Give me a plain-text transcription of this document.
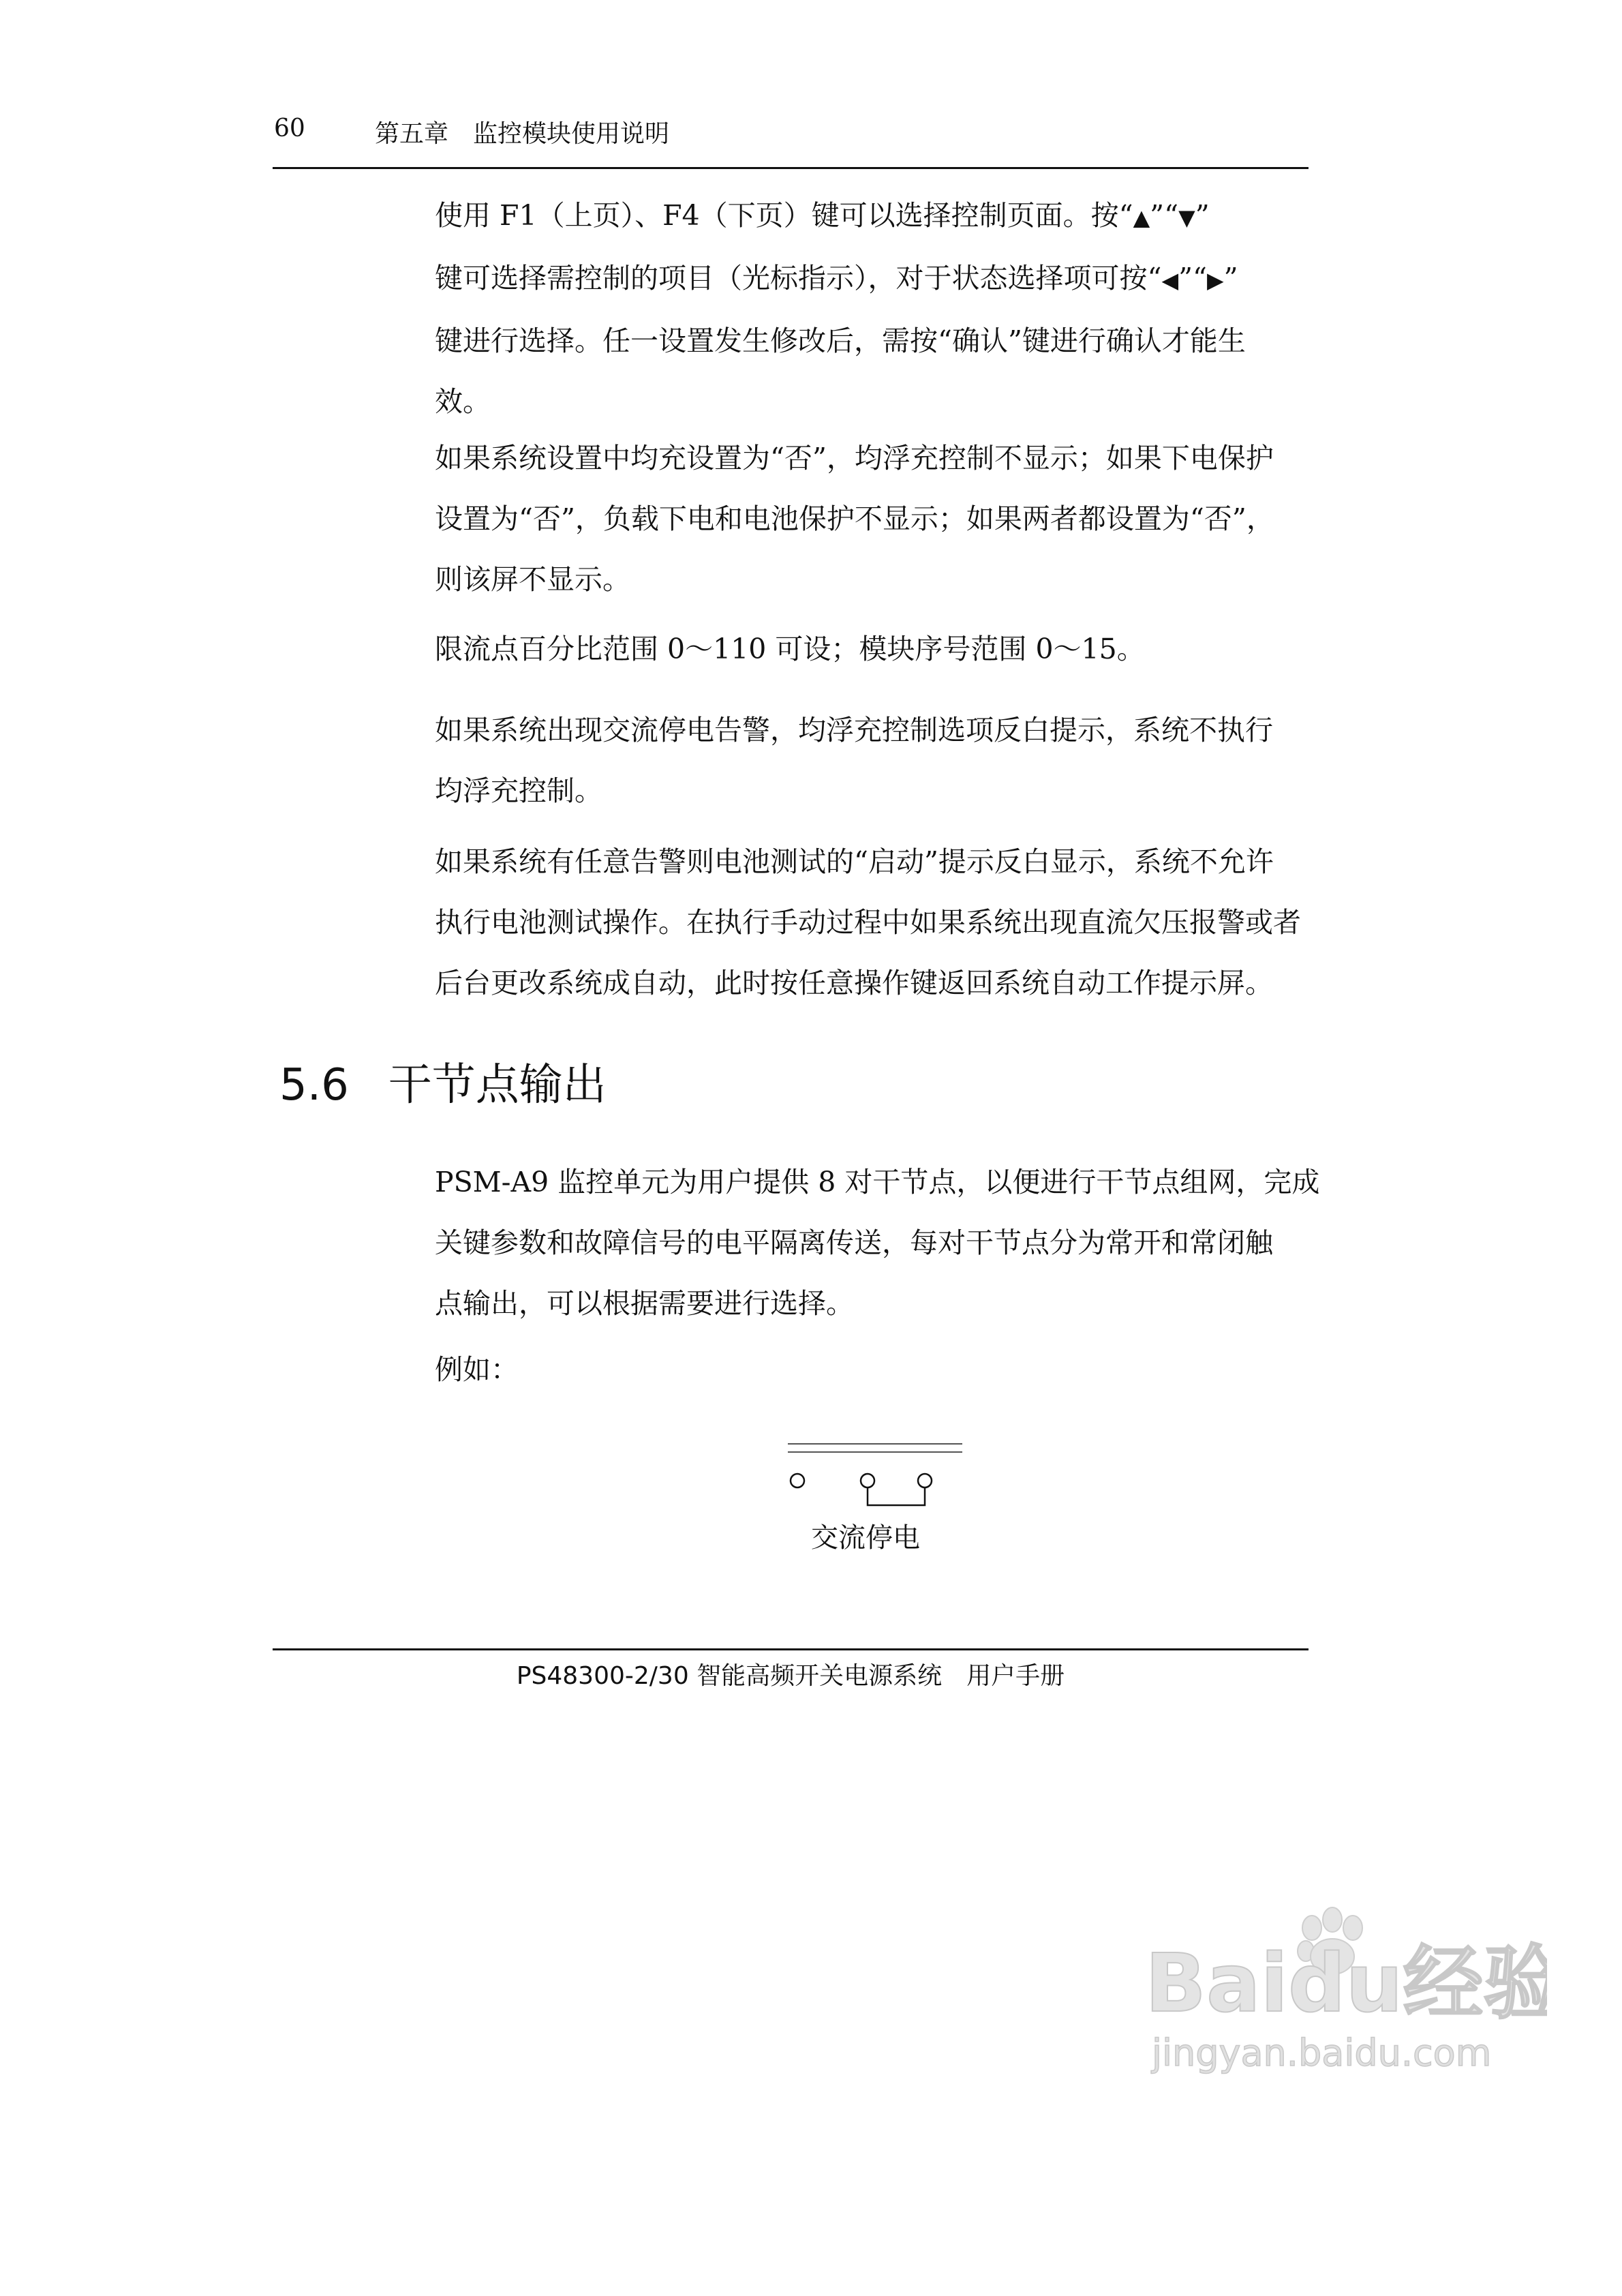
60	第五章　监控模块使用说明

使用 F1（上页）、F4（下页）键可以选择控制页面。按“▲”“▼”
键可选择需控制的项目（光标指示），对于状态选择项可按“◀”“▶”
键进行选择。任一设置发生修改后，需按“确认”键进行确认才能生
效。

如果系统设置中均充设置为“否”，均浮充控制不显示；如果下电保护
设置为“否”，负载下电和电池保护不显示；如果两者都设置为“否”，
则该屏不显示。

限流点百分比范围 0～110 可设；模块序号范围 0～15。

如果系统出现交流停电告警，均浮充控制选项反白提示，系统不执行
均浮充控制。

如果系统有任意告警则电池测试的“启动”提示反白显示，系统不允许
执行电池测试操作。在执行手动过程中如果系统出现直流欠压报警或者
后台更改系统成自动，此时按任意操作键返回系统自动工作提示屏。

5.6 干节点输出

PSM-A9 监控单元为用户提供 8 对干节点，以便进行干节点组网，完成
关键参数和故障信号的电平隔离传送，每对干节点分为常开和常闭触
点输出，可以根据需要进行选择。

例如：

交流停电
PS48300-2/30 智能高频开关电源系统　用户手册
Baidu经验
jingyan.baidu.com
